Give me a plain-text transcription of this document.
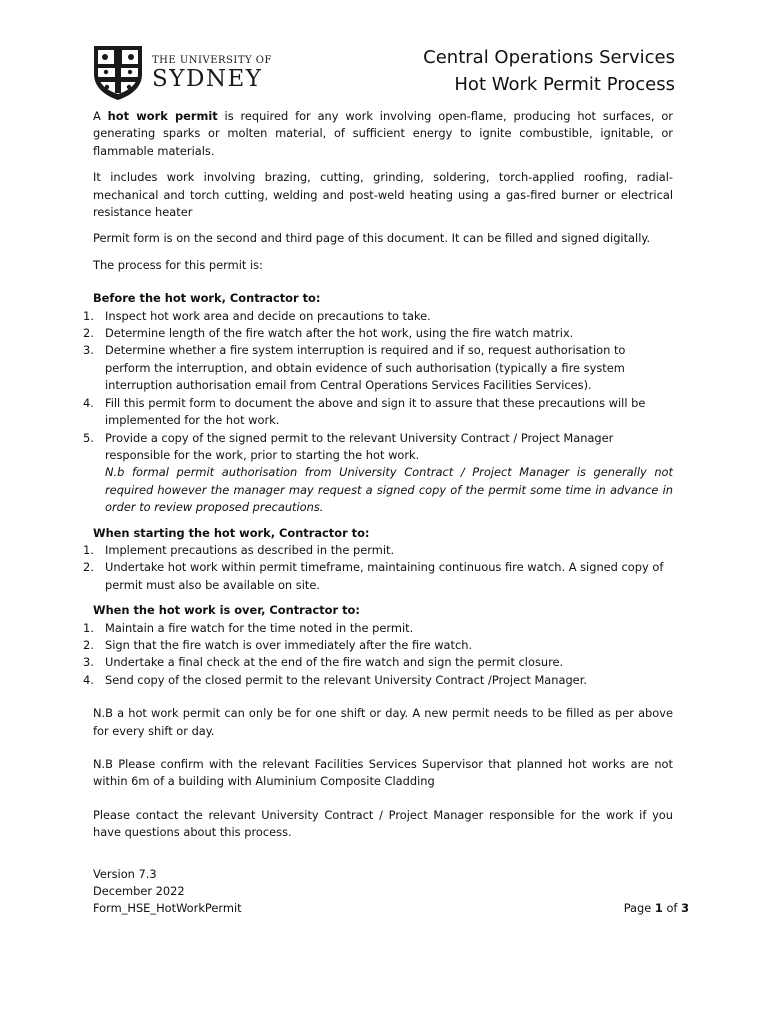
THE UNIVERSITY OF
SYDNEY
Central Operations Services
Hot Work Permit Process

A hot work permit is required for any work involving open-flame, producing hot surfaces, or generating sparks or molten material, of sufficient energy to ignite combustible, ignitable, or flammable materials.

It includes work involving brazing, cutting, grinding, soldering, torch-applied roofing, radial-mechanical and torch cutting, welding and post-weld heating using a gas-fired burner or electrical resistance heater

Permit form is on the second and third page of this document. It can be filled and signed digitally.

The process for this permit is:

Before the hot work, Contractor to:

1. Inspect hot work area and decide on precautions to take.
2. Determine length of the fire watch after the hot work, using the fire watch matrix.
3. Determine whether a fire system interruption is required and if so, request authorisation to perform the interruption, and obtain evidence of such authorisation (typically a fire system interruption authorisation email from Central Operations Services Facilities Services).
4. Fill this permit form to document the above and sign it to assure that these precautions will be implemented for the hot work.
5. Provide a copy of the signed permit to the relevant University Contract / Project Manager responsible for the work, prior to starting the hot work.
N.b formal permit authorisation from University Contract / Project Manager is generally not required however the manager may request a signed copy of the permit some time in advance in order to review proposed precautions.

When starting the hot work, Contractor to:

1. Implement precautions as described in the permit.
2. Undertake hot work within permit timeframe, maintaining continuous fire watch. A signed copy of permit must also be available on site.

When the hot work is over, Contractor to:

1. Maintain a fire watch for the time noted in the permit.
2. Sign that the fire watch is over immediately after the fire watch.
3. Undertake a final check at the end of the fire watch and sign the permit closure.
4. Send copy of the closed permit to the relevant University Contract /Project Manager.

N.B a hot work permit can only be for one shift or day. A new permit needs to be filled as per above for every shift or day.

N.B Please confirm with the relevant Facilities Services Supervisor that planned hot works are not within 6m of a building with Aluminium Composite Cladding

Please contact the relevant University Contract / Project Manager responsible for the work if you have questions about this process.

Version 7.3
December 2022
Form_HSE_HotWorkPermit	Page 1 of 3
